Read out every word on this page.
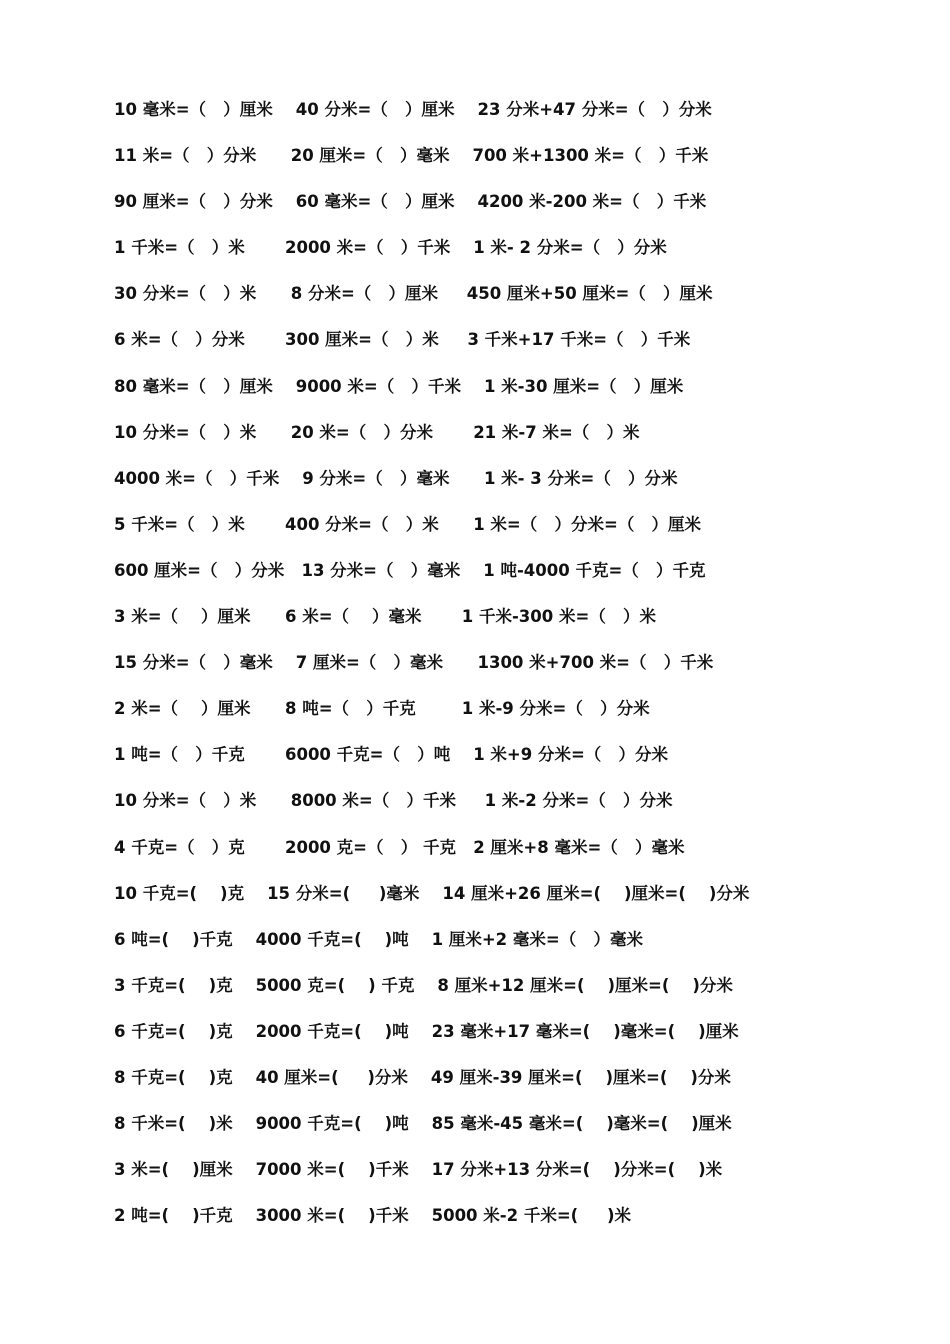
10 毫米=（   ）厘米    40 分米=（   ）厘米    23 分米+47 分米=（   ）分米
11 米=（   ）分米      20 厘米=（   ）毫米    700 米+1300 米=（   ）千米
90 厘米=（   ）分米    60 毫米=（   ）厘米    4200 米-200 米=（   ）千米
1 千米=（   ）米       2000 米=（   ）千米    1 米- 2 分米=（   ）分米
30 分米=（   ）米      8 分米=（   ）厘米     450 厘米+50 厘米=（   ）厘米
6 米=（   ）分米       300 厘米=（   ）米     3 千米+17 千米=（   ）千米
80 毫米=（   ）厘米    9000 米=（   ）千米    1 米-30 厘米=（   ）厘米
10 分米=（   ）米      20 米=（   ）分米       21 米-7 米=（   ）米
4000 米=（   ）千米    9 分米=（   ）毫米      1 米- 3 分米=（   ）分米
5 千米=（   ）米       400 分米=（   ）米      1 米=（   ）分米=（   ）厘米
600 厘米=（   ）分米   13 分米=（   ）毫米    1 吨-4000 千克=（   ）千克
3 米=（    ）厘米      6 米=（    ）毫米       1 千米-300 米=（   ）米
15 分米=（   ）毫米    7 厘米=（   ）毫米      1300 米+700 米=（   ）千米
2 米=（    ）厘米      8 吨=（   ）千克        1 米-9 分米=（   ）分米
1 吨=（   ）千克       6000 千克=（   ）吨    1 米+9 分米=（   ）分米
10 分米=（   ）米      8000 米=（   ）千米     1 米-2 分米=（   ）分米
4 千克=（   ）克       2000 克=（   ） 千克   2 厘米+8 毫米=（   ）毫米
10 千克=(    )克    15 分米=(     )毫米    14 厘米+26 厘米=(    )厘米=(    )分米
6 吨=(    )千克    4000 千克=(    )吨    1 厘米+2 毫米=（   ）毫米
3 千克=(    )克    5000 克=(    ) 千克    8 厘米+12 厘米=(    )厘米=(    )分米
6 千克=(    )克    2000 千克=(    )吨    23 毫米+17 毫米=(    )毫米=(    )厘米
8 千克=(    )克    40 厘米=(     )分米    49 厘米-39 厘米=(    )厘米=(    )分米
8 千米=(    )米    9000 千克=(    )吨    85 毫米-45 毫米=(    )毫米=(    )厘米
3 米=(    )厘米    7000 米=(    )千米    17 分米+13 分米=(    )分米=(    )米
2 吨=(    )千克    3000 米=(    )千米    5000 米-2 千米=(     )米
